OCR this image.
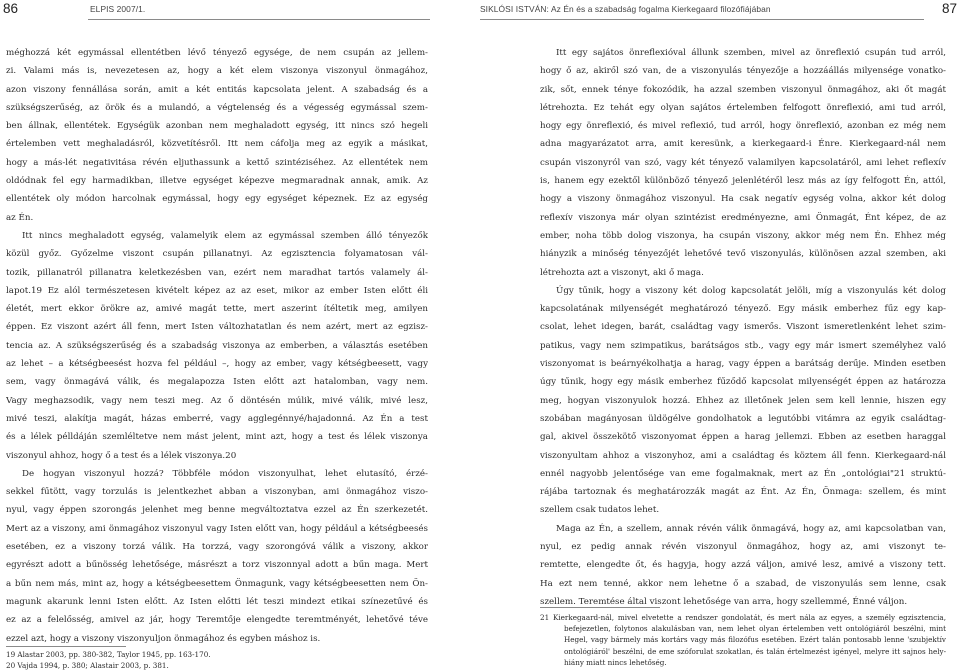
86	ELPIS 2007/1.
méghozzá két egymással ellentétben lévő tényező egysége, de nem csupán az jellem-
zi. Valami más is, nevezetesen az, hogy a két elem viszonya viszonyul önmagához,
azon viszony fennállása során, amit a két entitás kapcsolata jelent. A szabadság és a
szükségszerűség, az örök és a mulandó, a végtelenség és a végesség egymással szem-
ben állnak, ellentétek. Egységük azonban nem meghaladott egység, itt nincs szó hegeli
értelemben vett meghaladásról, közvetítésről. Itt nem cáfolja meg az egyik a másikat,
hogy a más-lét negativitása révén eljuthassunk a kettő szintéziséhez. Az ellentétek nem
oldódnak fel egy harmadikban, illetve egységet képezve megmaradnak annak, amik. Az
ellentétek oly módon harcolnak egymással, hogy egy egységet képeznek. Ez az egység
az Én.
Itt nincs meghaladott egység, valamelyik elem az egymással szemben álló tényezők
közül győz. Győzelme viszont csupán pillanatnyi. Az egzisztencia folyamatosan vál-
tozik, pillanatról pillanatra keletkezésben van, ezért nem maradhat tartós valamely ál-
lapot.19 Ez alól természetesen kivételt képez az az eset, mikor az ember Isten előtt éli
életét, mert ekkor örökre az, amivé magát tette, mert aszerint ítéltetik meg, amilyen
éppen. Ez viszont azért áll fenn, mert Isten változhatatlan és nem azért, mert az egzisz-
tencia az. A szükségszerűség és a szabadság viszonya az emberben, a választás esetében
az lehet – a kétségbeesést hozva fel például –, hogy az ember, vagy kétségbeesett, vagy
sem, vagy önmagává válik, és megalapozza Isten előtt azt hatalomban, vagy nem.
Vagy meghazsodik, vagy nem teszi meg. Az ő döntésén múlik, mivé válik, mivé lesz,
mivé teszi, alakítja magát, házas emberré, vagy agglegénnyé/hajadonná. Az Én a test
és a lélek pélldáján szemléltetve nem mást jelent, mint azt, hogy a test és lélek viszonya
viszonyul ahhoz, hogy ő a test és a lélek viszonya.20
De hogyan viszonyul hozzá? Többféle módon viszonyulhat, lehet elutasító, érzé-
sekkel fűtött, vagy torzulás is jelentkezhet abban a viszonyban, ami önmagához viszo-
nyul, vagy éppen szorongás jelenhet meg benne megváltoztatva ezzel az Én szerkezetét.
Mert az a viszony, ami önmagához viszonyul vagy Isten előtt van, hogy például a kétségbeesés
esetében, ez a viszony torzá válik. Ha torzzá, vagy szorongóvá válik a viszony, akkor
egyrészt adott a bűnösség lehetősége, másrészt a torz viszonnyal adott a bűn maga. Mert
a bűn nem más, mint az, hogy a kétségbeesettem Önmagunk, vagy kétségbeesetten nem Ön-
magunk akarunk lenni Isten előtt. Az Isten előtti lét teszi mindezt etikai színezetűvé és
ez az a felelősség, amivel az jár, hogy Teremtője elengedte teremtményét, lehetővé téve
ezzel azt, hogy a viszony viszonyuljon önmagához és egyben máshoz is.
19 Alastar 2003, pp. 380-382, Taylor 1945, pp. 163-170.
20 Vajda 1994, p. 380; Alastair 2003, p. 381.
SIKLÓSI ISTVÁN: Az Én és a szabadság fogalma Kierkegaard filozófiájában	87
Itt egy sajátos önreflexióval állunk szemben, mivel az önreflexió csupán tud arról,
hogy ő az, akiről szó van, de a viszonyulás tényezője a hozzáállás milyensége vonatko-
zik, sőt, ennek tényе fokozódik, ha azzal szemben viszonyul önmagához, aki őt magát
létrehozta. Ez tehát egy olyan sajátos értelemben felfogott önreflexió, ami tud arról,
hogy egy önreflexió, és mivel reflexió, tud arról, hogy önreflexió, azonban ez még nem
adna magyarázatot arra, amit keresünk, a kierkegaard-i Énre. Kierkegaard-nál nem
csupán viszonyról van szó, vagy két tényező valamilyen kapcsolatáról, ami lehet reflexív
is, hanem egy ezektől különböző tényező jelenlétéről lesz más az így felfogott Én, attól,
hogy a viszony önmagához viszonyul. Ha csak negatív egység volna, akkor két dolog
reflexív viszonya már olyan szintézist eredményezne, ami Önmagát, Ént képez, de az
ember, noha több dolog viszonya, ha csupán viszony, akkor még nem Én. Ehhez még
hiányzik a minőség tényezőjét lehetővé tevő viszonyulás, különösen azzal szemben, aki
létrehozta azt a viszonyt, aki ő maga.
Úgy tűnik, hogy a viszony két dolog kapcsolatát jelöli, míg a viszonyulás két dolog
kapcsolatának milyenségét meghatározó tényező. Egy másik emberhez fűz egy kap-
csolat, lehet idegen, barát, családtag vagy ismerős. Viszont ismeretlenként lehet szim-
patikus, vagy nem szimpatikus, barátságos stb., vagy egy már ismert személyhez való
viszonyomat is beárnyékolhatja a harag, vagy éppen a barátság derűje. Minden esetben
úgy tűnik, hogy egy másik emberhez fűződő kapcsolat milyenségét éppen az határozza
meg, hogyan viszonyulok hozzá. Ehhez az illetőnek jelen sem kell lennie, hiszen egy
szobában magányosan üldögélve gondolhatok a legutóbbi vitámra az egyik családtag-
gal, akivel összekötő viszonyomat éppen a harag jellemzi. Ebben az esetben haraggal
viszonyultam ahhoz a viszonyhoz, ami a családtag és köztem áll fenn. Kierkegaard-nál
ennél nagyobb jelentősége van eme fogalmaknak, mert az Én „ontológiai"21 struktú-
rájába tartoznak és meghatározzák magát az Ént. Az Én, Önmaga: szellem, és mint
szellem csak tudatos lehet.
Maga az Én, a szellem, annak révén válik önmagává, hogy az, ami kapcsolatban van,
nyul, ez pedig annak révén viszonyul önmagához, hogy az, ami viszonyt te-
remtette, elengedte őt, és hagyja, hogy azzá váljon, amivé lesz, amivé a viszony tett.
Ha ezt nem tenné, akkor nem lehetne ő a szabad, de viszonyulás sem lenne, csak
szellem. Teremtése által viszont lehetősége van arra, hogy szellemmé, Énné váljon.
21 Kierkegaard-nál, mivel elvetette a rendszer gondolatát, és mert nála az egyes, a személy egzisztencia,
befejezetlen, folytonos alakulásban van, nem lehet olyan értelemben vett ontológiáról beszélni, mint
Hegel, vagy bármely más kortárs vagy más filozófus esetében. Ezért talán pontosabb lenne 'szubjektív
ontológiáról' beszélni, de eme szóforulat szokatlan, és talán értelmezést igényel, melyre itt sajnos hely-
hiány miatt nincs lehetőség.
